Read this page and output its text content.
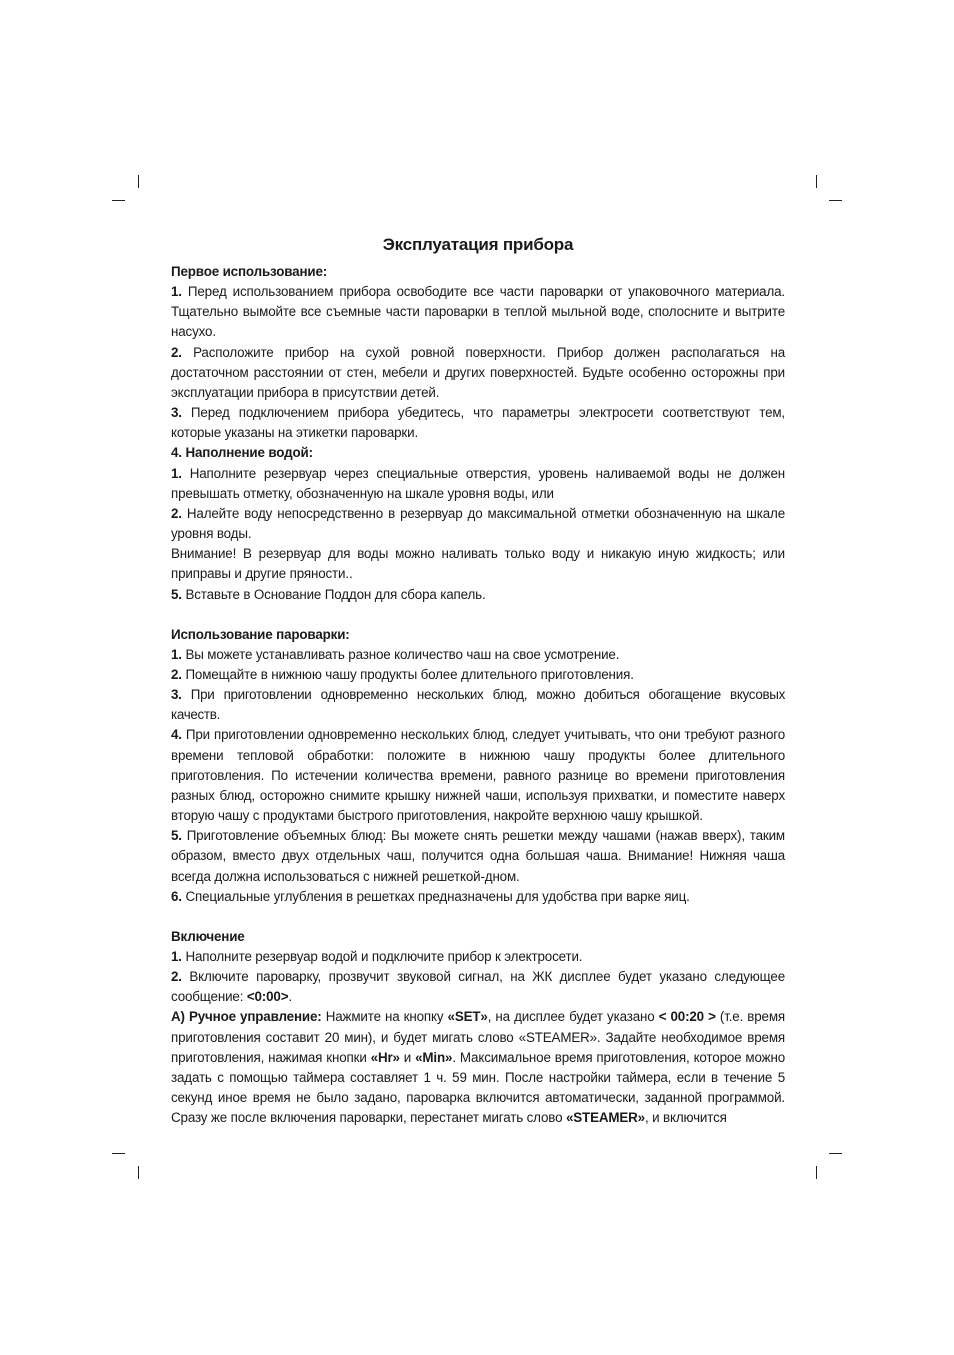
Эксплуатация прибора

Первое использование:

1. Перед использованием прибора освободите все части пароварки от упаковочного материала. Тщательно вымойте все съемные части пароварки в теплой мыльной воде, сполосните и вытрите насухо.

2. Расположите прибор на сухой ровной поверхности. Прибор должен располагаться на достаточном расстоянии от стен, мебели и других поверхностей. Будьте особенно осторожны при эксплуатации прибора в присутствии детей.

3. Перед подключением прибора убедитесь, что параметры электросети соответствуют тем, которые указаны на этикетки пароварки.

4. Наполнение водой:

1. Наполните резервуар через специальные отверстия, уровень наливаемой воды не должен превышать отметку, обозначенную на шкале уровня воды, или

2. Налейте воду непосредственно в резервуар до максимальной отметки обозначенную на шкале уровня воды.

Внимание! В резервуар для воды можно наливать только воду и никакую иную жидкость; или приправы и другие пряности..

5. Вставьте в Основание Поддон для сбора капель.

Использование пароварки:

1. Вы можете устанавливать разное количество чаш на свое усмотрение.

2. Помещайте в нижнюю чашу продукты более длительного приготовления.

3. При приготовлении одновременно нескольких блюд, можно добиться обогащение вкусовых качеств.

4. При приготовлении одновременно нескольких блюд, следует учитывать, что они требуют разного времени тепловой обработки: положите в нижнюю чашу продукты более длительного приготовления. По истечении количества времени, равного разнице во времени приготовления разных блюд, осторожно снимите крышку нижней чаши, используя прихватки, и поместите наверх вторую чашу с продуктами быстрого приготовления, накройте верхнюю чашу крышкой.

5. Приготовление объемных блюд: Вы можете снять решетки между чашами (нажав вверх), таким образом, вместо двух отдельных чаш, получится одна большая чаша. Внимание! Нижняя чаша всегда должна использоваться с нижней решеткой-дном.

6. Специальные углубления в решетках предназначены для удобства при варке яиц.

Включение

1. Наполните резервуар водой и подключите прибор к электросети.

2. Включите пароварку, прозвучит звуковой сигнал, на ЖК дисплее будет указано следующее сообщение: <0:00>.

А) Ручное управление: Нажмите на кнопку «SET», на дисплее будет указано < 00:20 > (т.е. время приготовления составит 20 мин), и будет мигать слово «STEAMER». Задайте необходимое время приготовления, нажимая кнопки «Hr» и «Min». Максимальное время приготовления, которое можно задать с помощью таймера составляет 1 ч. 59 мин. После настройки таймера, если в течение 5 секунд иное время не было задано, пароварка включится автоматически, заданной программой. Сразу же после включения пароварки, перестанет мигать слово «STEAMER», и включится
